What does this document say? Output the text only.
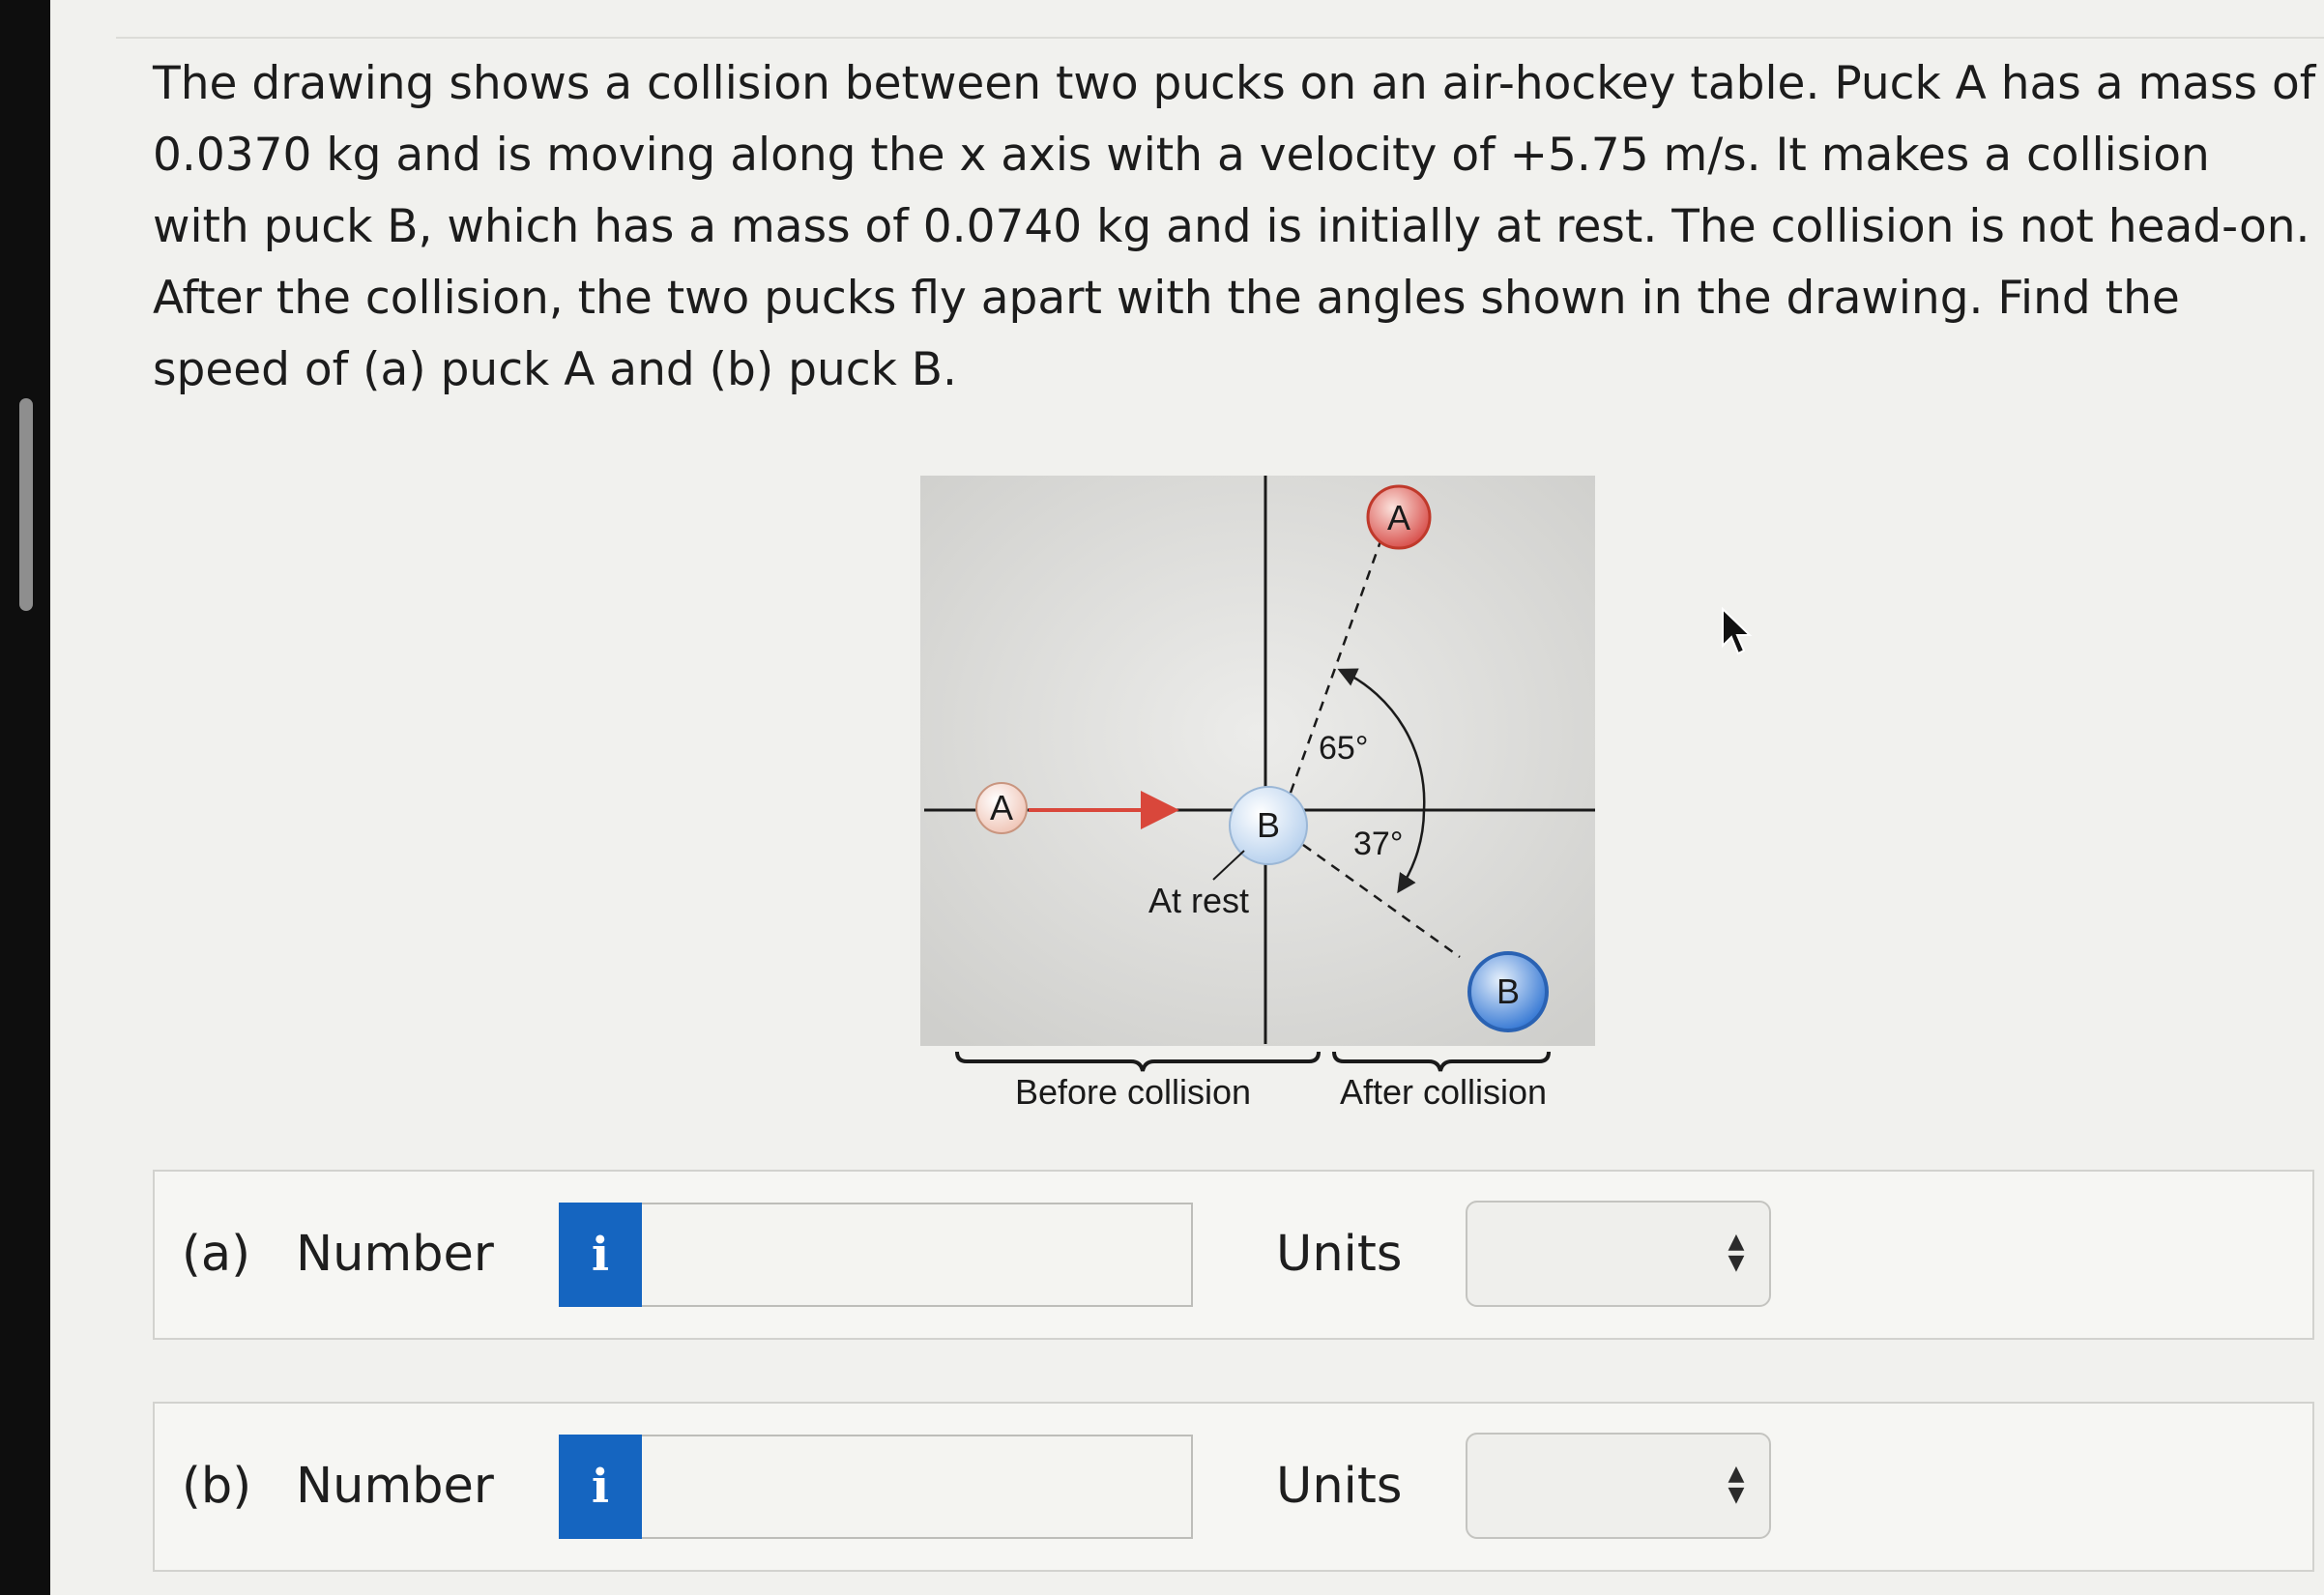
The drawing shows a collision between two pucks on an air-hockey table. Puck A has a mass of 0.0370 kg and is moving along the x axis with a velocity of +5.75 m/s. It makes a collision with puck B, which has a mass of 0.0740 kg and is initially at rest. The collision is not head-on. After the collision, the two pucks fly apart with the angles shown in the drawing. Find the speed of (a) puck A and (b) puck B.

A	B
At rest
65°
37°
A
B
Before collision	After collision
(a) Number	i	Units	▲
▼
(b) Number	i	Units	▲
▼
